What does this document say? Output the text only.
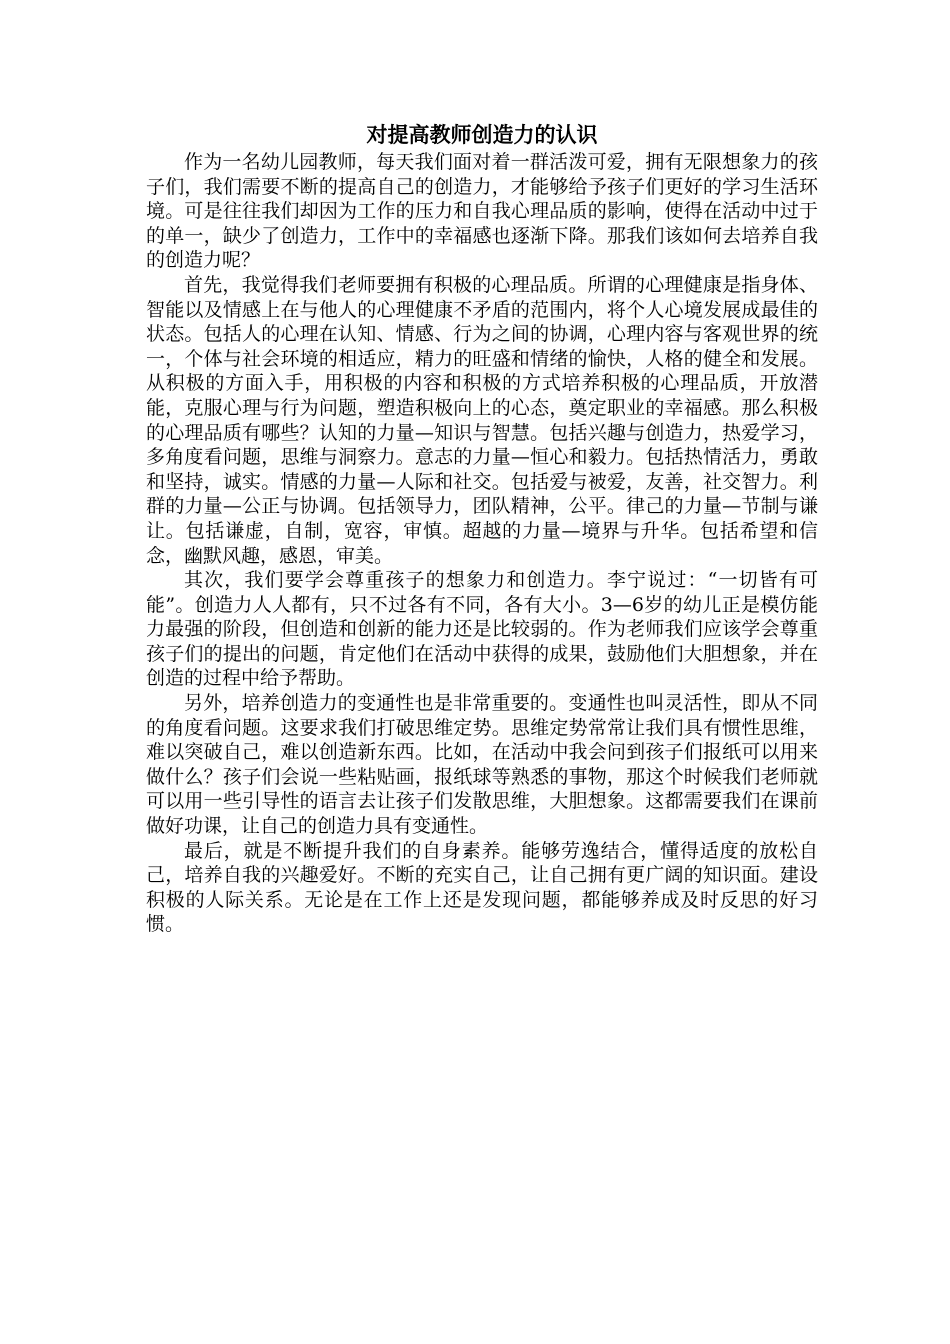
对提高教师创造力的认识

作为一名幼儿园教师，每天我们面对着一群活泼可爱，拥有无限想象力的孩子们，我们需要不断的提高自己的创造力，才能够给予孩子们更好的学习生活环境。可是往往我们却因为工作的压力和自我心理品质的影响，使得在活动中过于的单一，缺少了创造力，工作中的幸福感也逐渐下降。那我们该如何去培养自我的创造力呢？

首先，我觉得我们老师要拥有积极的心理品质。所谓的心理健康是指身体、智能以及情感上在与他人的心理健康不矛盾的范围内，将个人心境发展成最佳的状态。包括人的心理在认知、情感、行为之间的协调，心理内容与客观世界的统一，个体与社会环境的相适应，精力的旺盛和情绪的愉快，人格的健全和发展。从积极的方面入手，用积极的内容和积极的方式培养积极的心理品质，开放潜能，克服心理与行为问题，塑造积极向上的心态，奠定职业的幸福感。那么积极的心理品质有哪些？认知的力量—知识与智慧。包括兴趣与创造力，热爱学习，多角度看问题，思维与洞察力。意志的力量—恒心和毅力。包括热情活力，勇敢和坚持，诚实。情感的力量—人际和社交。包括爱与被爱，友善，社交智力。利群的力量—公正与协调。包括领导力，团队精神，公平。律己的力量—节制与谦让。包括谦虚，自制，宽容，审慎。超越的力量—境界与升华。包括希望和信念，幽默风趣，感恩，审美。

其次，我们要学会尊重孩子的想象力和创造力。李宁说过：“一切皆有可能”。创造力人人都有，只不过各有不同，各有大小。3—6岁的幼儿正是模仿能力最强的阶段，但创造和创新的能力还是比较弱的。作为老师我们应该学会尊重孩子们的提出的问题，肯定他们在活动中获得的成果，鼓励他们大胆想象，并在创造的过程中给予帮助。

另外，培养创造力的变通性也是非常重要的。变通性也叫灵活性，即从不同的角度看问题。这要求我们打破思维定势。思维定势常常让我们具有惯性思维，难以突破自己，难以创造新东西。比如，在活动中我会问到孩子们报纸可以用来做什么？孩子们会说一些粘贴画，报纸球等熟悉的事物，那这个时候我们老师就可以用一些引导性的语言去让孩子们发散思维，大胆想象。这都需要我们在课前做好功课，让自己的创造力具有变通性。

最后，就是不断提升我们的自身素养。能够劳逸结合，懂得适度的放松自己，培养自我的兴趣爱好。不断的充实自己，让自己拥有更广阔的知识面。建设积极的人际关系。无论是在工作上还是发现问题，都能够养成及时反思的好习惯。
